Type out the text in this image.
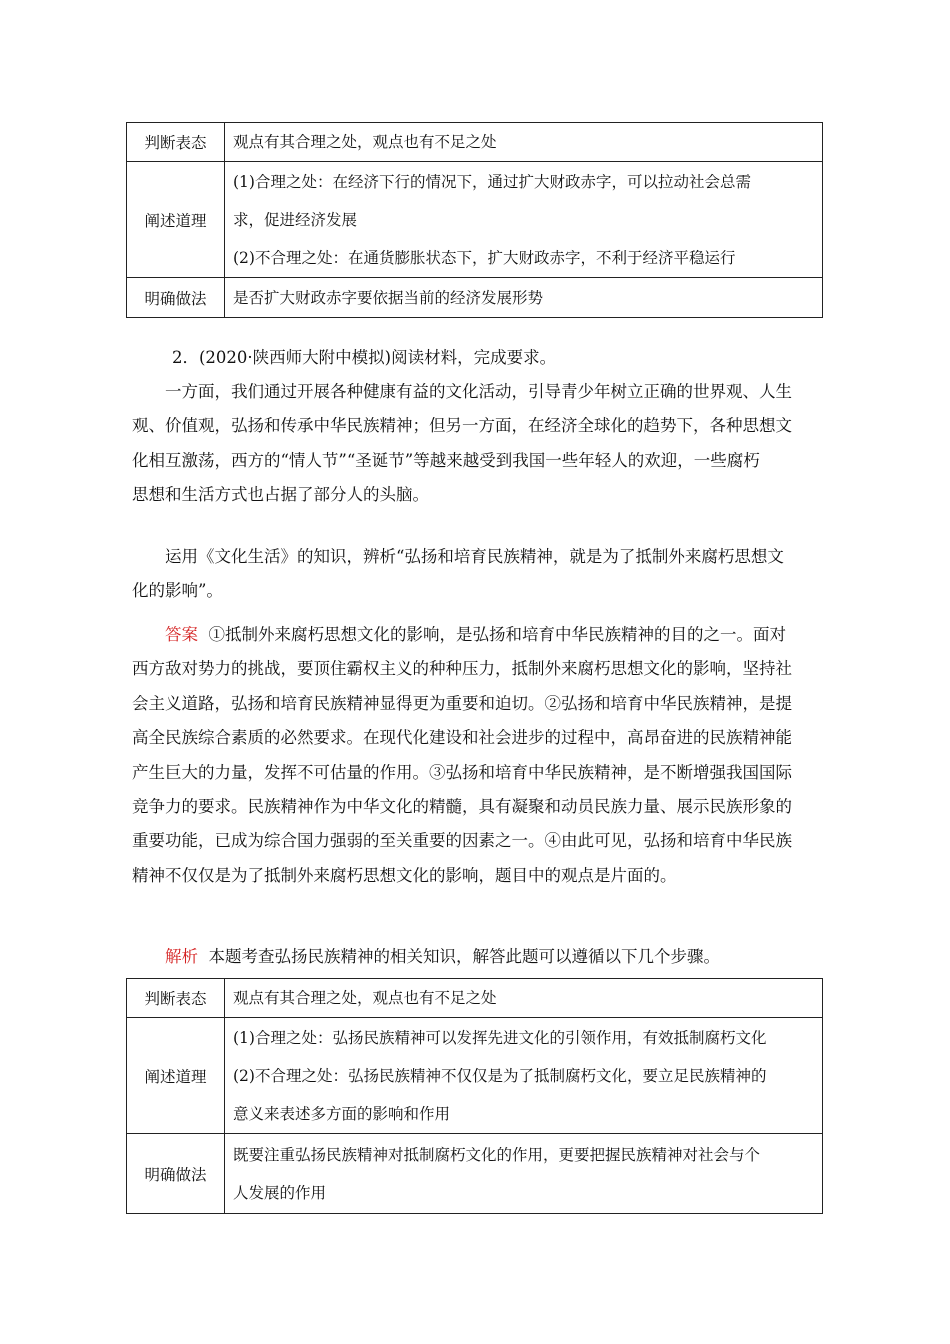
判断表态	观点有其合理之处，观点也有不足之处

阐述道理	(1)合理之处：在经济下行的情况下，通过扩大财政赤字，可以拉动社会总需
求，促进经济发展
(2)不合理之处：在通货膨胀状态下，扩大财政赤字，不利于经济平稳运行

明确做法	是否扩大财政赤字要依据当前的经济发展形势
2．(2020·陕西师大附中模拟)阅读材料，完成要求。
一方面，我们通过开展各种健康有益的文化活动，引导青少年树立正确的世界观、人生
观、价值观，弘扬和传承中华民族精神；但另一方面，在经济全球化的趋势下，各种思想文
化相互激荡，西方的“情人节”“圣诞节”等越来越受到我国一些年轻人的欢迎，一些腐朽
思想和生活方式也占据了部分人的头脑。
运用《文化生活》的知识，辨析“弘扬和培育民族精神，就是为了抵制外来腐朽思想文
化的影响”。
答案 ①抵制外来腐朽思想文化的影响，是弘扬和培育中华民族精神的目的之一。面对
西方敌对势力的挑战，要顶住霸权主义的种种压力，抵制外来腐朽思想文化的影响，坚持社
会主义道路，弘扬和培育民族精神显得更为重要和迫切。②弘扬和培育中华民族精神，是提
高全民族综合素质的必然要求。在现代化建设和社会进步的过程中，高昂奋进的民族精神能
产生巨大的力量，发挥不可估量的作用。③弘扬和培育中华民族精神，是不断增强我国国际
竞争力的要求。民族精神作为中华文化的精髓，具有凝聚和动员民族力量、展示民族形象的
重要功能，已成为综合国力强弱的至关重要的因素之一。④由此可见，弘扬和培育中华民族
精神不仅仅是为了抵制外来腐朽思想文化的影响，题目中的观点是片面的。
解析 本题考查弘扬民族精神的相关知识，解答此题可以遵循以下几个步骤。
判断表态	观点有其合理之处，观点也有不足之处

阐述道理	(1)合理之处：弘扬民族精神可以发挥先进文化的引领作用，有效抵制腐朽文化
(2)不合理之处：弘扬民族精神不仅仅是为了抵制腐朽文化，要立足民族精神的
意义来表述多方面的影响和作用

明确做法	既要注重弘扬民族精神对抵制腐朽文化的作用，更要把握民族精神对社会与个
人发展的作用
